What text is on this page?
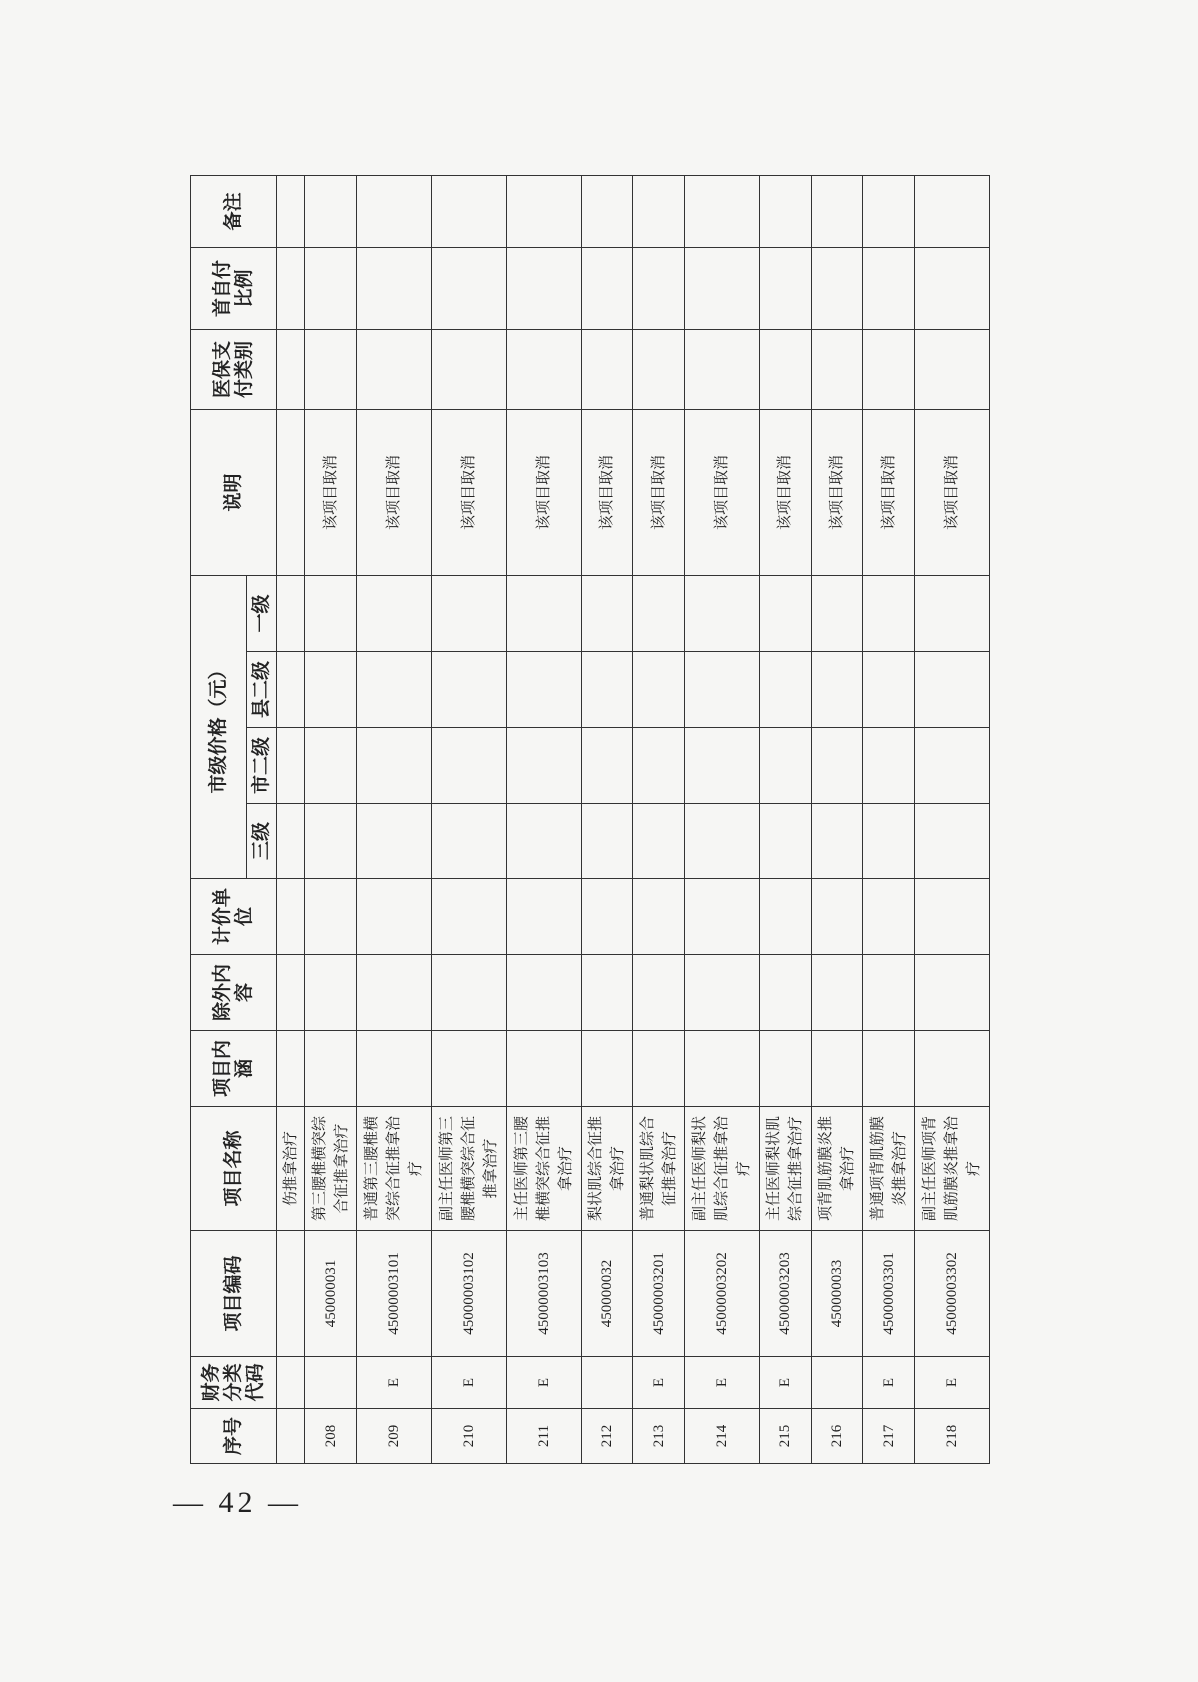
序号	财务分类代码	项目编码	项目名称	项目内涵	除外内容	计价单位	市级价格（元）				说明	医保支付类别	首自付比例	备注
							三级	市二级	县二级	一级				
			伤推拿治疗											
208		450000031	第三腰椎横突综合征推拿治疗								该项目取消			
209	E	45000003101	普通第三腰椎横突综合征推拿治疗								该项目取消			
210	E	45000003102	副主任医师第三腰椎横突综合征推拿治疗								该项目取消			
211	E	45000003103	主任医师第三腰椎横突综合征推拿治疗								该项目取消			
212		450000032	梨状肌综合征推拿治疗								该项目取消			
213	E	45000003201	普通梨状肌综合征推拿治疗								该项目取消			
214	E	45000003202	副主任医师梨状肌综合征推拿治疗								该项目取消			
215	E	45000003203	主任医师梨状肌综合征推拿治疗								该项目取消			
216		450000033	项背肌筋膜炎推拿治疗								该项目取消			
217	E	45000003301	普通项背肌筋膜炎推拿治疗								该项目取消			
218	E	45000003302	副主任医师项背肌筋膜炎推拿治疗								该项目取消			
— 42 —
